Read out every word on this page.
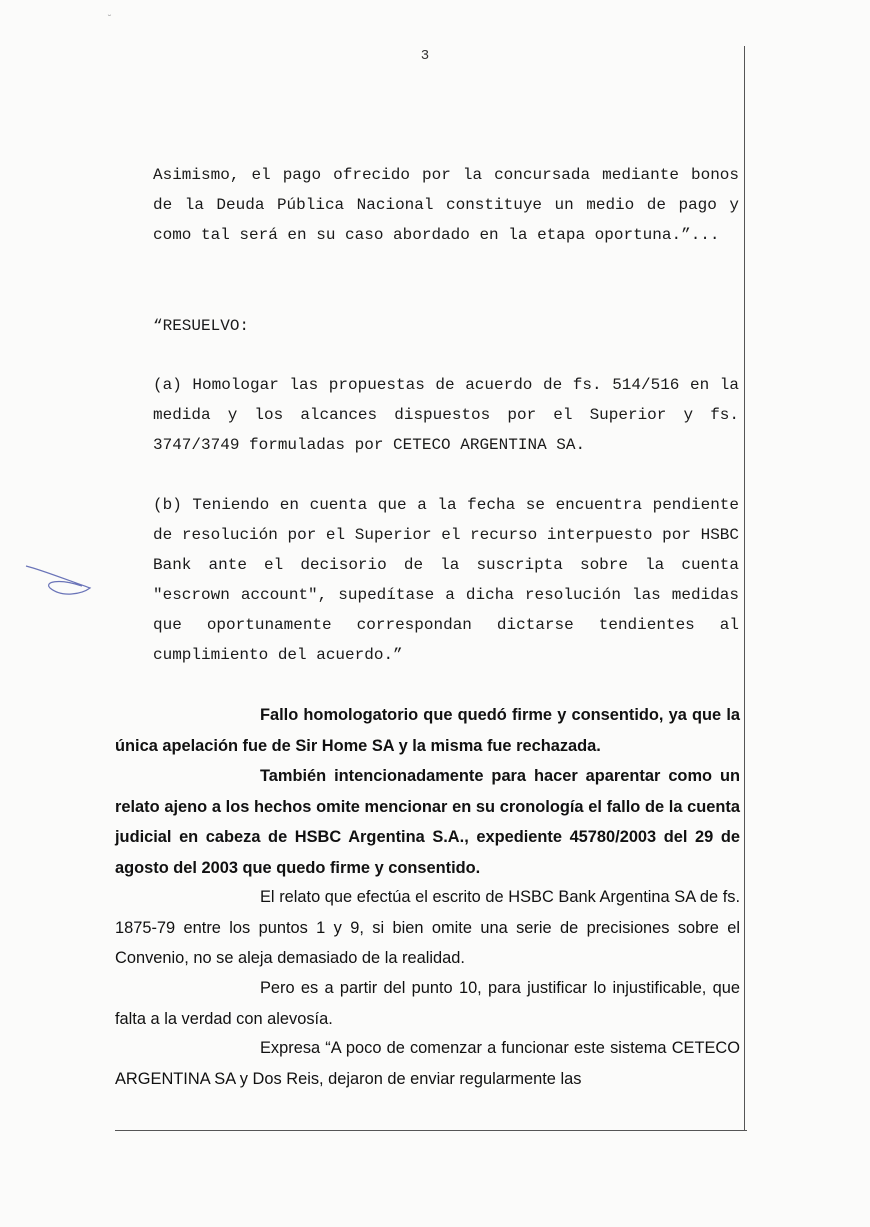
˘
3

Asimismo, el pago ofrecido por la concursada mediante bonos de la Deuda Pública Nacional constituye un medio de pago y como tal será en su caso abordado en la etapa oportuna.”...

“RESUELVO:

(a) Homologar las propuestas de acuerdo de fs. 514/516 en la medida y los alcances dispuestos por el Superior y fs. 3747/3749 formuladas por CETECO ARGENTINA SA.

(b) Teniendo en cuenta que a la fecha se encuentra pendiente de resolución por el Superior el recurso interpuesto por HSBC Bank ante el decisorio de la suscripta sobre la cuenta "escrown account", supedítase a dicha resolución las medidas que oportunamente correspondan dictarse tendientes al cumplimiento del acuerdo.”

Fallo homologatorio que quedó firme y consentido, ya que la única apelación fue de Sir Home SA y la misma fue rechazada.

También intencionadamente para hacer aparentar como un relato ajeno a los hechos omite mencionar en su cronología el fallo de la cuenta judicial en cabeza de HSBC Argentina S.A., expediente 45780/2003 del 29 de agosto del 2003 que quedo firme y consentido.

El relato que efectúa el escrito de HSBC Bank Argentina SA de fs. 1875-79 entre los puntos 1 y 9, si bien omite una serie de precisiones sobre el Convenio, no se aleja demasiado de la realidad.

Pero es a partir del punto 10, para justificar lo injustificable, que falta a la verdad con alevosía.

Expresa “A poco de comenzar a funcionar este sistema CETECO ARGENTINA SA y Dos Reis, dejaron de enviar regularmente las
